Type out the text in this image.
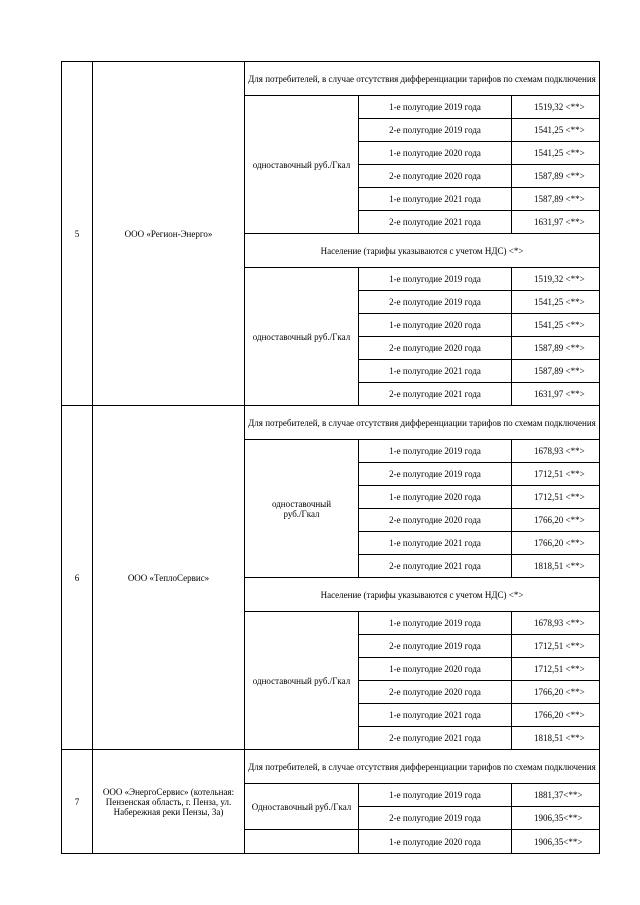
5	ООО «Регион-Энерго»	Для потребителей, в случае отсутствия дифференциации тарифов по схемам подключения		
		одноставочный руб./Гкал	1-е полугодие 2019 года	1519,32 <**>
			2-е полугодие 2019 года	1541,25 <**>
			1-е полугодие 2020 года	1541,25 <**>
			2-е полугодие 2020 года	1587,89 <**>
			1-е полугодие 2021 года	1587,89 <**>
			2-е полугодие 2021 года	1631,97 <**>
		Население (тарифы указываются с учетом НДС) <*>		
		одноставочный руб./Гкал	1-е полугодие 2019 года	1519,32 <**>
			2-е полугодие 2019 года	1541,25 <**>
			1-е полугодие 2020 года	1541,25 <**>
			2-е полугодие 2020 года	1587,89 <**>
			1-е полугодие 2021 года	1587,89 <**>
			2-е полугодие 2021 года	1631,97 <**>
6	ООО «ТеплоСервис»	Для потребителей, в случае отсутствия дифференциации тарифов по схемам подключения		
		одноставочный руб./Гкал	1-е полугодие 2019 года	1678,93 <**>
			2-е полугодие 2019 года	1712,51 <**>
			1-е полугодие 2020 года	1712,51 <**>
			2-е полугодие 2020 года	1766,20 <**>
			1-е полугодие 2021 года	1766,20 <**>
			2-е полугодие 2021 года	1818,51 <**>
		Население (тарифы указываются с учетом НДС) <*>		
		одноставочный руб./Гкал	1-е полугодие 2019 года	1678,93 <**>
			2-е полугодие 2019 года	1712,51 <**>
			1-е полугодие 2020 года	1712,51 <**>
			2-е полугодие 2020 года	1766,20 <**>
			1-е полугодие 2021 года	1766,20 <**>
			2-е полугодие 2021 года	1818,51 <**>
7	ООО «ЭнергоСервис» (котельная: Пензенская область, г. Пенза, ул. Набережная реки Пензы, 3а)	Для потребителей, в случае отсутствия дифференциации тарифов по схемам подключения		
		Одноставочный руб./Гкал	1-е полугодие 2019 года	1881,37<**>
			2-е полугодие 2019 года	1906,35<**>
			1-е полугодие 2020 года	1906,35<**>
